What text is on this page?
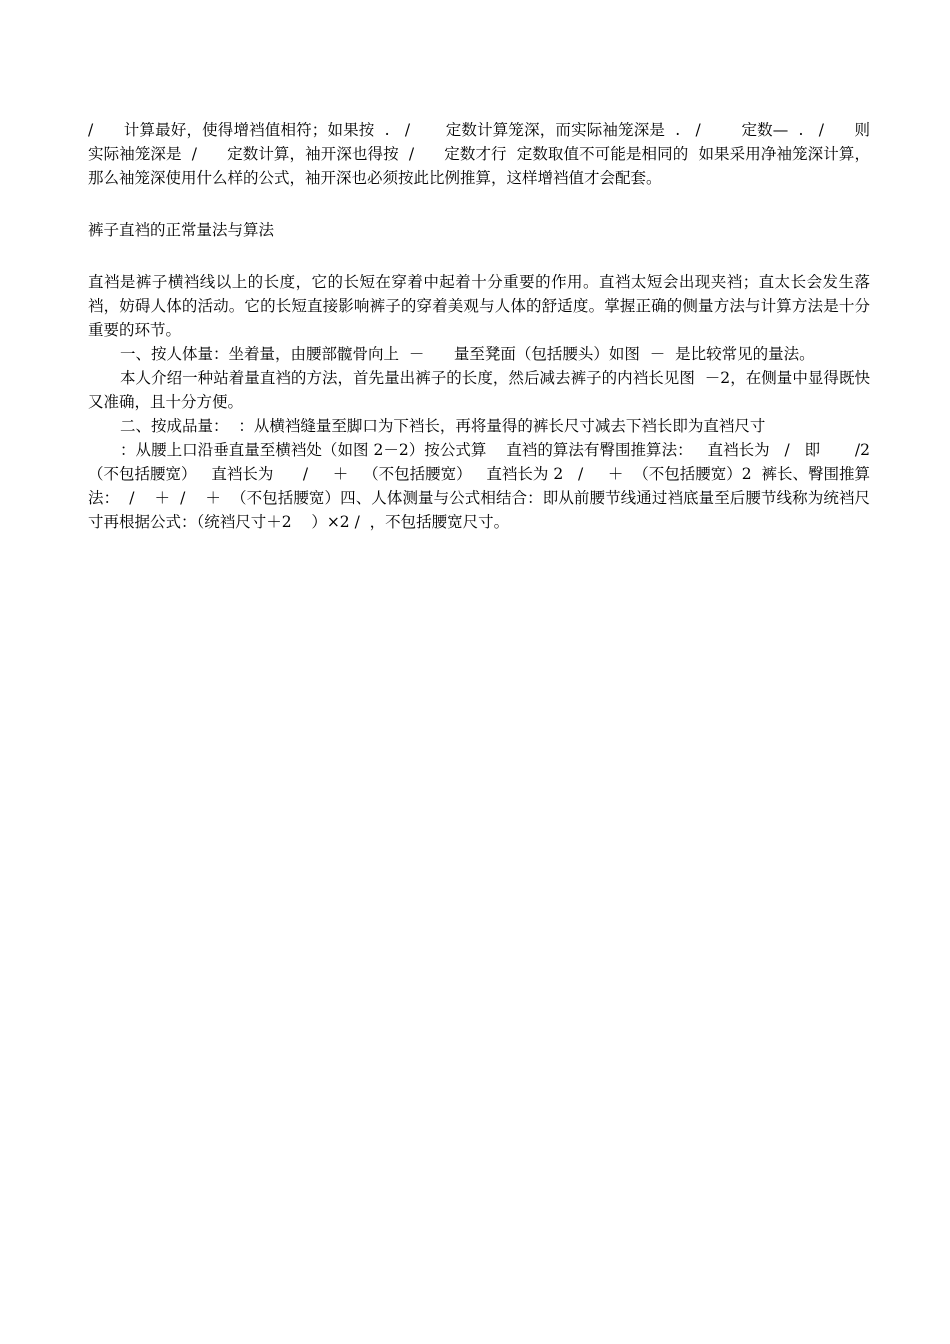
/      计算最好，使得增裆值相符；如果按  .   /       定数计算笼深，而实际袖笼深是  .   /        定数—  .   /      则实际袖笼深是  /      定数计算，袖开深也得按  /      定数才行  定数取值不可能是相同的  如果采用净袖笼深计算，那么袖笼深使用什么样的公式，袖开深也必须按此比例推算，这样增裆值才会配套。

裤子直裆的正常量法与算法

直裆是裤子横裆线以上的长度，它的长短在穿着中起着十分重要的作用。直裆太短会出现夹裆；直太长会发生落裆，妨碍人体的活动。它的长短直接影响裤子的穿着美观与人体的舒适度。掌握正确的侧量方法与计算方法是十分重要的环节。

一、按人体量：坐着量，由腰部髋骨向上  －      量至凳面（包括腰头）如图  －  是比较常见的量法。

本人介绍一种站着量直裆的方法，首先量出裤子的长度，然后减去裤子的内裆长见图  －2，在侧量中显得既快又准确，且十分方便。

二、按成品量：  ：从横裆缝量至脚口为下裆长，再将量得的裤长尺寸减去下裆长即为直裆尺寸

：从腰上口沿垂直量至横裆处（如图 2－2）按公式算    直裆的算法有臀围推算法：   直裆长为   /   即       /2（不包括腰宽）   直裆长为      /     ＋   （不包括腰宽）   直裆长为 2   /     ＋  （不包括腰宽）2  裤长、臀围推算法：  /    ＋  /    ＋  （不包括腰宽）四、人体测量与公式相结合：即从前腰节线通过裆底量至后腰节线称为统裆尺寸再根据公式：（统裆尺寸＋2    ）×2 /  ，不包括腰宽尺寸。
